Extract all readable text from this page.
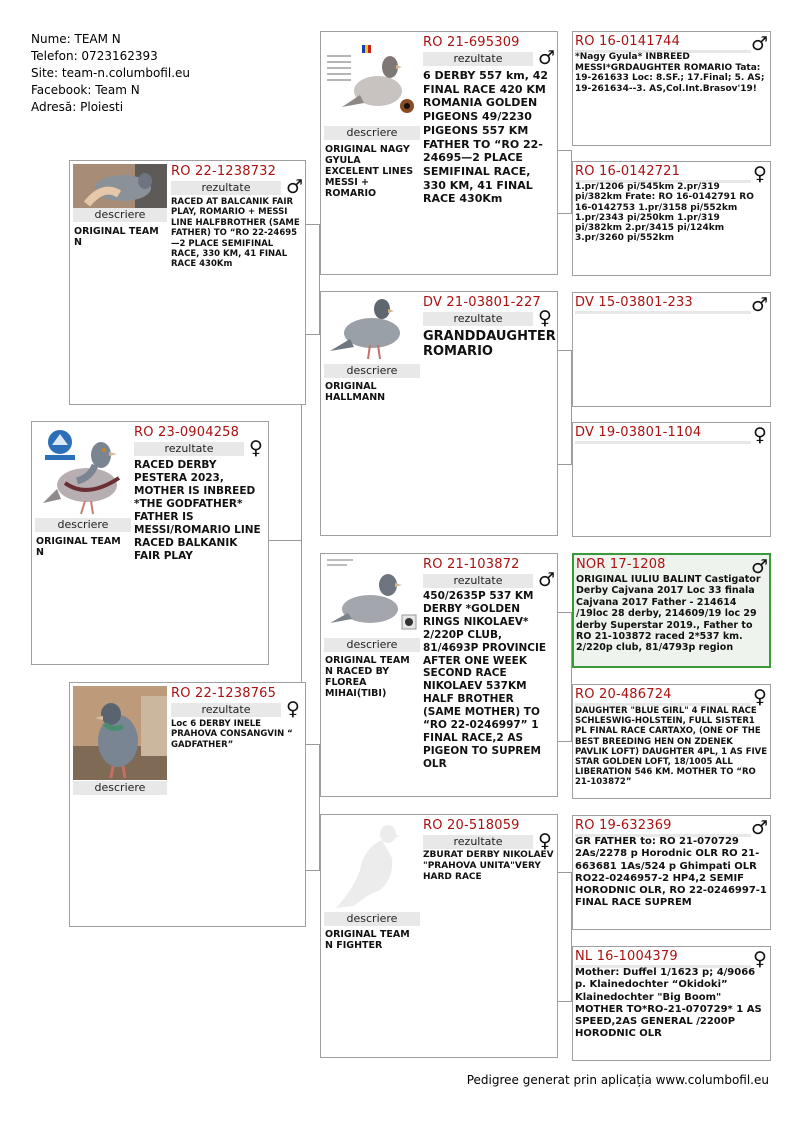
Nume: TEAM N
Telefon: 0723162393
Site: team-n.columbofil.eu
Facebook: Team N
Adresă: Ploiesti
RO 23-0904258
rezultate	♀
RACED DERBY PESTERA 2023, MOTHER IS INBREED *THE GODFATHER* FATHER IS MESSI/ROMARIO LINE RACED BALKANIK FAIR PLAY
descriere
ORIGINAL TEAM N
RO 22-1238732
rezultate	♂
RACED AT BALCANIK FAIR PLAY, ROMARIO + MESSI LINE HALFBROTHER (SAME FATHER) TO “RO 22-24695—2 PLACE SEMIFINAL RACE, 330 KM, 41 FINAL RACE 430Km
descriere
ORIGINAL TEAM N
RO 22-1238765
rezultate	♀
Loc 6 DERBY INELE PRAHOVA CONSANGVIN “ GADFATHER”
descriere
RO 21-695309
rezultate	♂
6 DERBY 557 km, 42 FINAL RACE 420 KM ROMANIA GOLDEN PIGEONS 49/2230 PIGEONS 557 KM FATHER TO “RO 22-24695—2 PLACE SEMIFINAL RACE, 330 KM, 41 FINAL RACE 430Km
descriere
ORIGINAL NAGY GYULA EXCELENT LINES MESSI + ROMARIO
DV 21-03801-227
rezultate	♀
GRANDDAUGHTER ROMARIO
descriere
ORIGINAL HALLMANN
RO 21-103872
rezultate	♂
450/2635P 537 KM DERBY *GOLDEN RINGS NIKOLAEV* 2/220P CLUB, 81/4693P PROVINCIE AFTER ONE WEEK SECOND RACE NIKOLAEV 537KM HALF BROTHER (SAME MOTHER) TO “RO 22-0246997” 1 FINAL RACE,2 AS PIGEON TO SUPREM OLR
descriere
ORIGINAL TEAM N RACED BY FLOREA MIHAI(TIBI)
RO 20-518059
rezultate	♀
ZBURAT DERBY NIKOLAEV "PRAHOVA UNITA"VERY HARD RACE
descriere
ORIGINAL TEAM N FIGHTER
RO 16-0141744	♂
*Nagy Gyula* INBREED MESSI*GRDAUGHTER ROMARIO Tata: 19-261633 Loc: 8.SF.; 17.Final; 5. AS; 19-261634--3. AS,Col.Int.Brasov'19!
RO 16-0142721	♀
1.pr/1206 pi/545km 2.pr/319 pi/382km Frate: RO 16-0142791 RO 16-0142753 1.pr/3158 pi/552km 1.pr/2343 pi/250km 1.pr/319 pi/382km 2.pr/3415 pi/124km 3.pr/3260 pi/552km
DV 15-03801-233	♂
DV 19-03801-1104	♀
NOR 17-1208	♂
ORIGINAL IULIU BALINT Castigator Derby Cajvana 2017 Loc 33 finala Cajvana 2017 Father - 214614 /19loc 28 derby, 214609/19 loc 29 derby Superstar 2019., Father to RO 21-103872 raced 2*537 km. 2/220p club, 81/4793p region
RO 20-486724	♀
DAUGHTER "BLUE GIRL" 4 FINAL RACE SCHLESWIG-HOLSTEIN, FULL SISTER1 PL FINAL RACE CARTAXO, (ONE OF THE BEST BREEDING HEN ON ZDENEK PAVLIK LOFT) DAUGHTER 4PL, 1 AS FIVE STAR GOLDEN LOFT, 18/1005 ALL LIBERATION 546 KM. MOTHER TO “RO 21-103872”
RO 19-632369	♂
GR FATHER to: RO 21-070729 2As/2278 p Horodnic OLR RO 21-663681 1As/524 p Ghimpati OLR RO22-0246957-2 HP4,2 SEMIF HORODNIC OLR, RO 22-0246997-1 FINAL RACE SUPREM
NL 16-1004379	♀
Mother: Duffel 1/1623 p; 4/9066 p. Klainedochter “Okidoki” Klainedochter "Big Boom" MOTHER TO*RO-21-070729* 1 AS SPEED,2AS GENERAL /2200P HORODNIC OLR
Pedigree generat prin aplicația www.columbofil.eu
